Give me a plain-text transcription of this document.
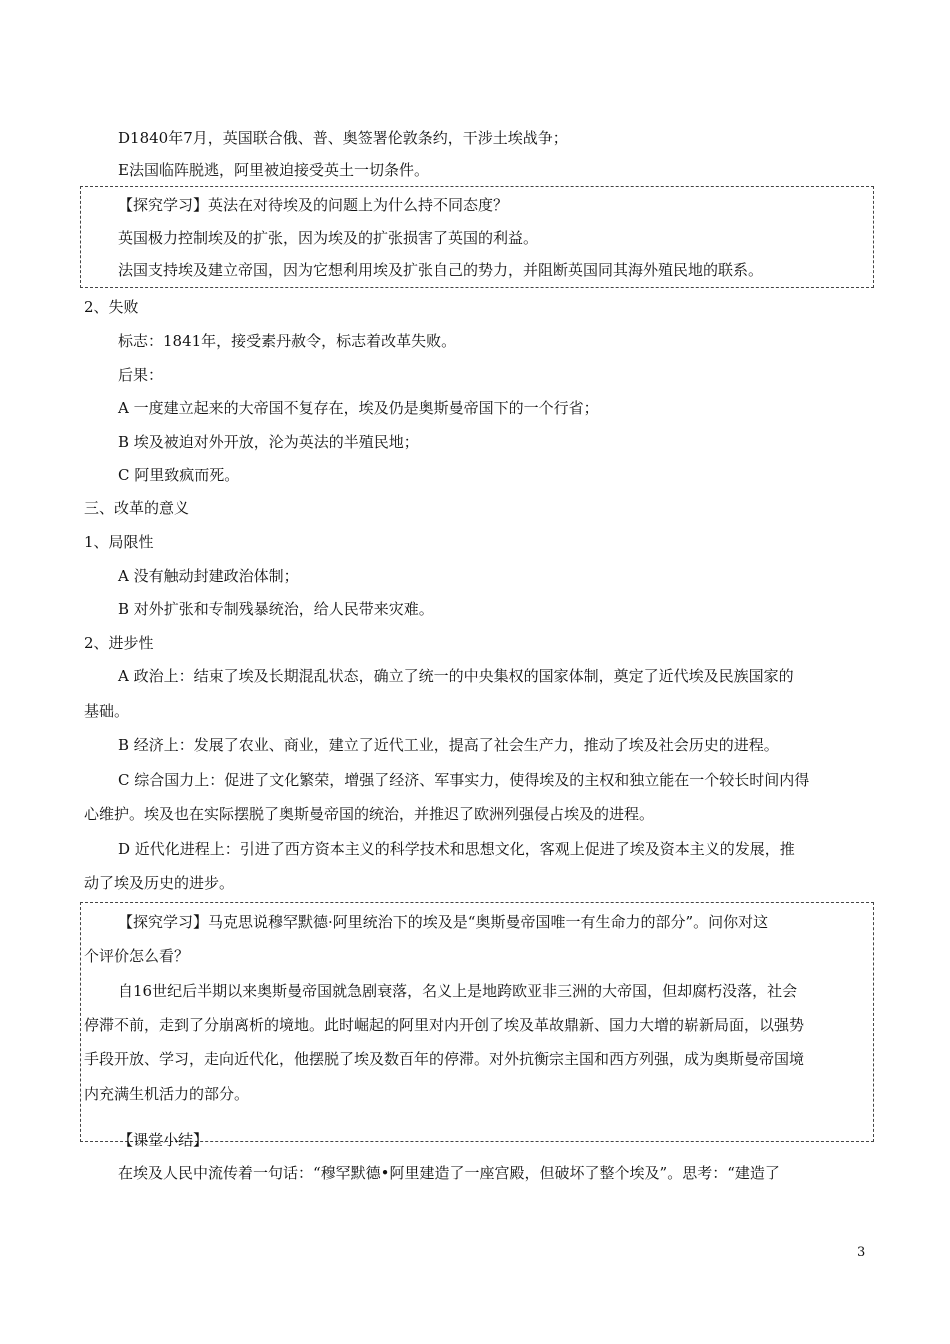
D1840年7月，英国联合俄、普、奥签署伦敦条约，干涉土埃战争；
E法国临阵脱逃，阿里被迫接受英土一切条件。
【探究学习】英法在对待埃及的问题上为什么持不同态度？
英国极力控制埃及的扩张，因为埃及的扩张损害了英国的利益。
法国支持埃及建立帝国，因为它想利用埃及扩张自己的势力，并阻断英国同其海外殖民地的联系。
2、失败
标志：1841年，接受素丹赦令，标志着改革失败。
后果：
A 一度建立起来的大帝国不复存在，埃及仍是奥斯曼帝国下的一个行省；
B 埃及被迫对外开放，沦为英法的半殖民地；
C 阿里致疯而死。
三、改革的意义
1、局限性
A 没有触动封建政治体制；
B 对外扩张和专制残暴统治，给人民带来灾难。
2、进步性
A 政治上：结束了埃及长期混乱状态，确立了统一的中央集权的国家体制，奠定了近代埃及民族国家的
基础。
B 经济上：发展了农业、商业，建立了近代工业，提高了社会生产力，推动了埃及社会历史的进程。
C 综合国力上：促进了文化繁荣，增强了经济、军事实力，使得埃及的主权和独立能在一个较长时间内得
心维护。埃及也在实际摆脱了奥斯曼帝国的统治，并推迟了欧洲列强侵占埃及的进程。
D 近代化进程上：引进了西方资本主义的科学技术和思想文化，客观上促进了埃及资本主义的发展，推
动了埃及历史的进步。
【探究学习】马克思说穆罕默德·阿里统治下的埃及是“奥斯曼帝国唯一有生命力的部分”。问你对这
个评价怎么看？
自16世纪后半期以来奥斯曼帝国就急剧衰落，名义上是地跨欧亚非三洲的大帝国，但却腐朽没落，社会
停滞不前，走到了分崩离析的境地。此时崛起的阿里对内开创了埃及革故鼎新、国力大增的崭新局面，以强势
手段开放、学习，走向近代化，他摆脱了埃及数百年的停滞。对外抗衡宗主国和西方列强，成为奥斯曼帝国境
内充满生机活力的部分。
【课堂小结】
在埃及人民中流传着一句话：“穆罕默德•阿里建造了一座宫殿，但破坏了整个埃及”。思考：“建造了
3
